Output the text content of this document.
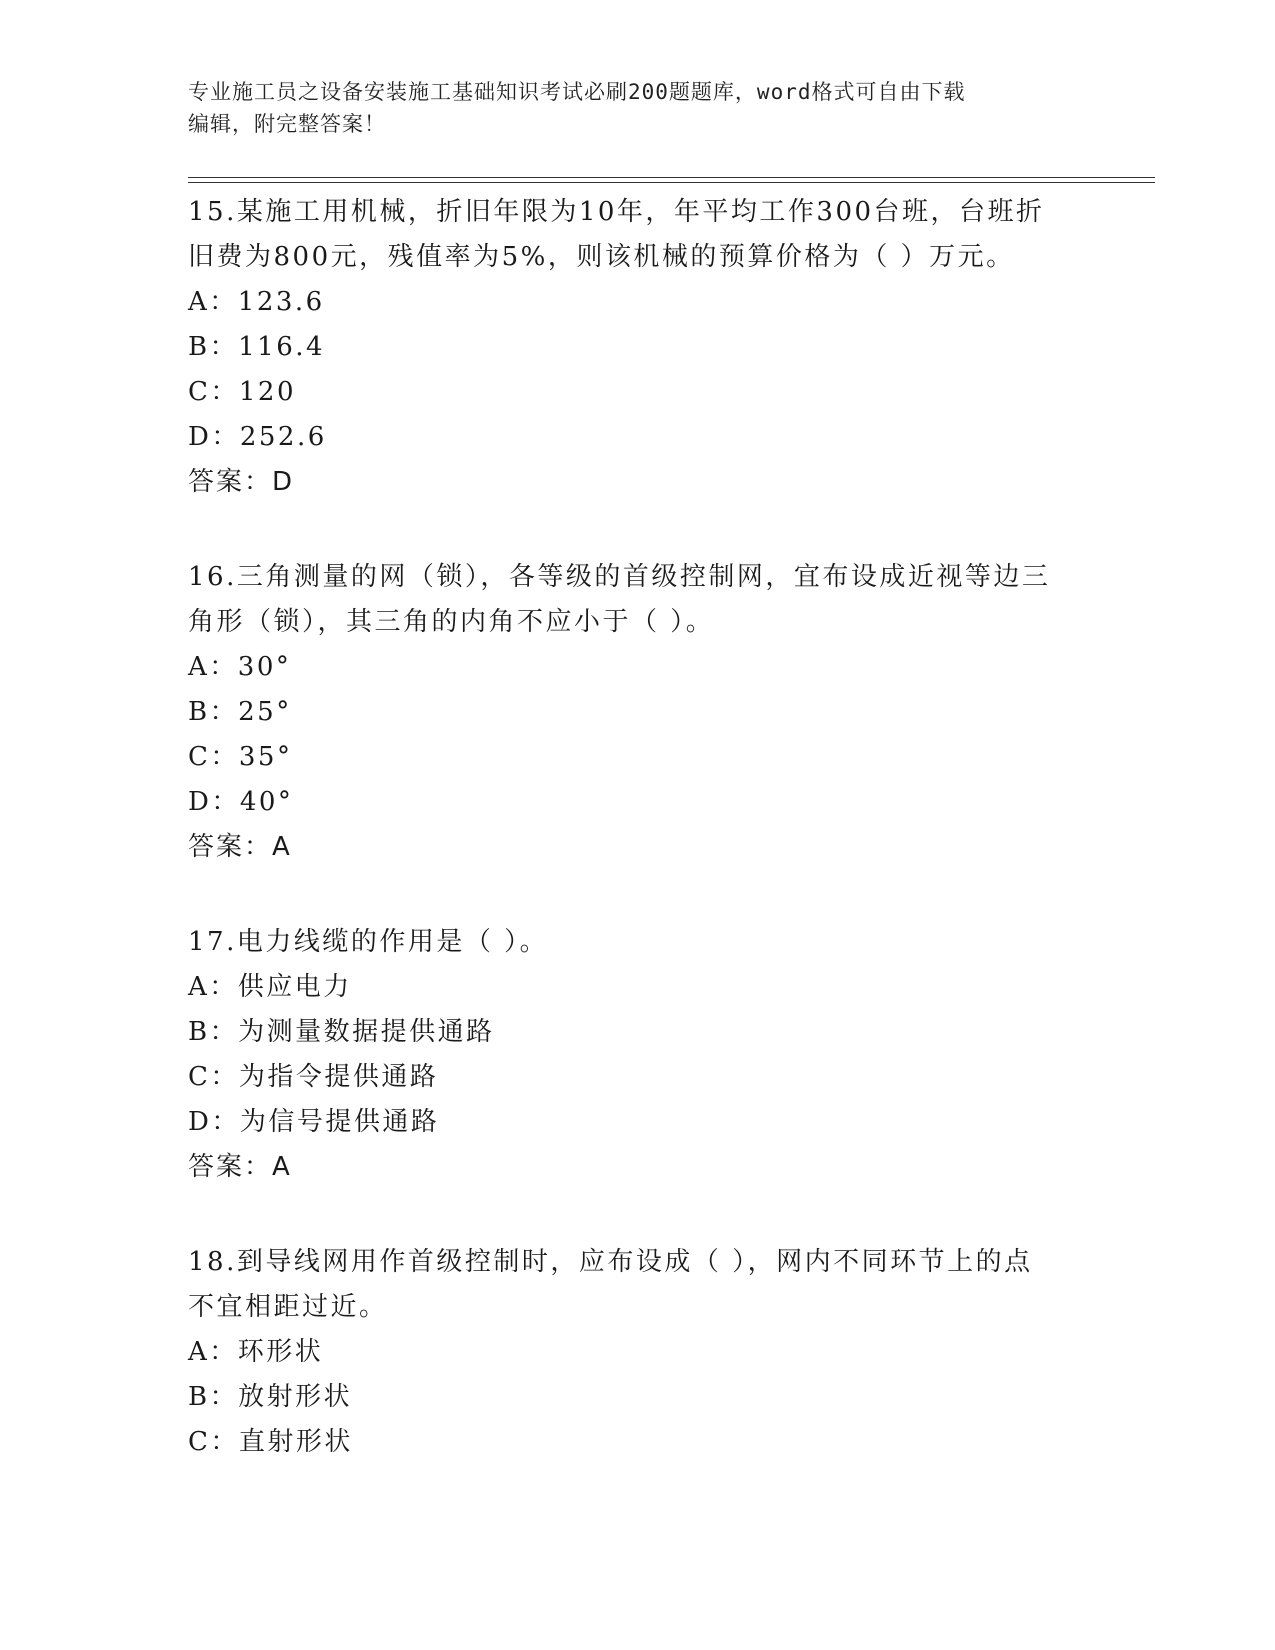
专业施工员之设备安装施工基础知识考试必刷200题题库，word格式可自由下载
编辑，附完整答案！

15.某施工用机械，折旧年限为10年，年平均工作300台班，台班折

旧费为800元，残值率为5%，则该机械的预算价格为（ ）万元。

A：123.6

B：116.4

C：120

D：252.6

答案：D

16.三角测量的网（锁），各等级的首级控制网，宜布设成近视等边三

角形（锁），其三角的内角不应小于（ ）。

A：30°

B：25°

C：35°

D：40°

答案：A

17.电力线缆的作用是（ ）。

A：供应电力

B：为测量数据提供通路

C：为指令提供通路

D：为信号提供通路

答案：A

18.到导线网用作首级控制时，应布设成（ ），网内不同环节上的点

不宜相距过近。

A：环形状

B：放射形状

C：直射形状
